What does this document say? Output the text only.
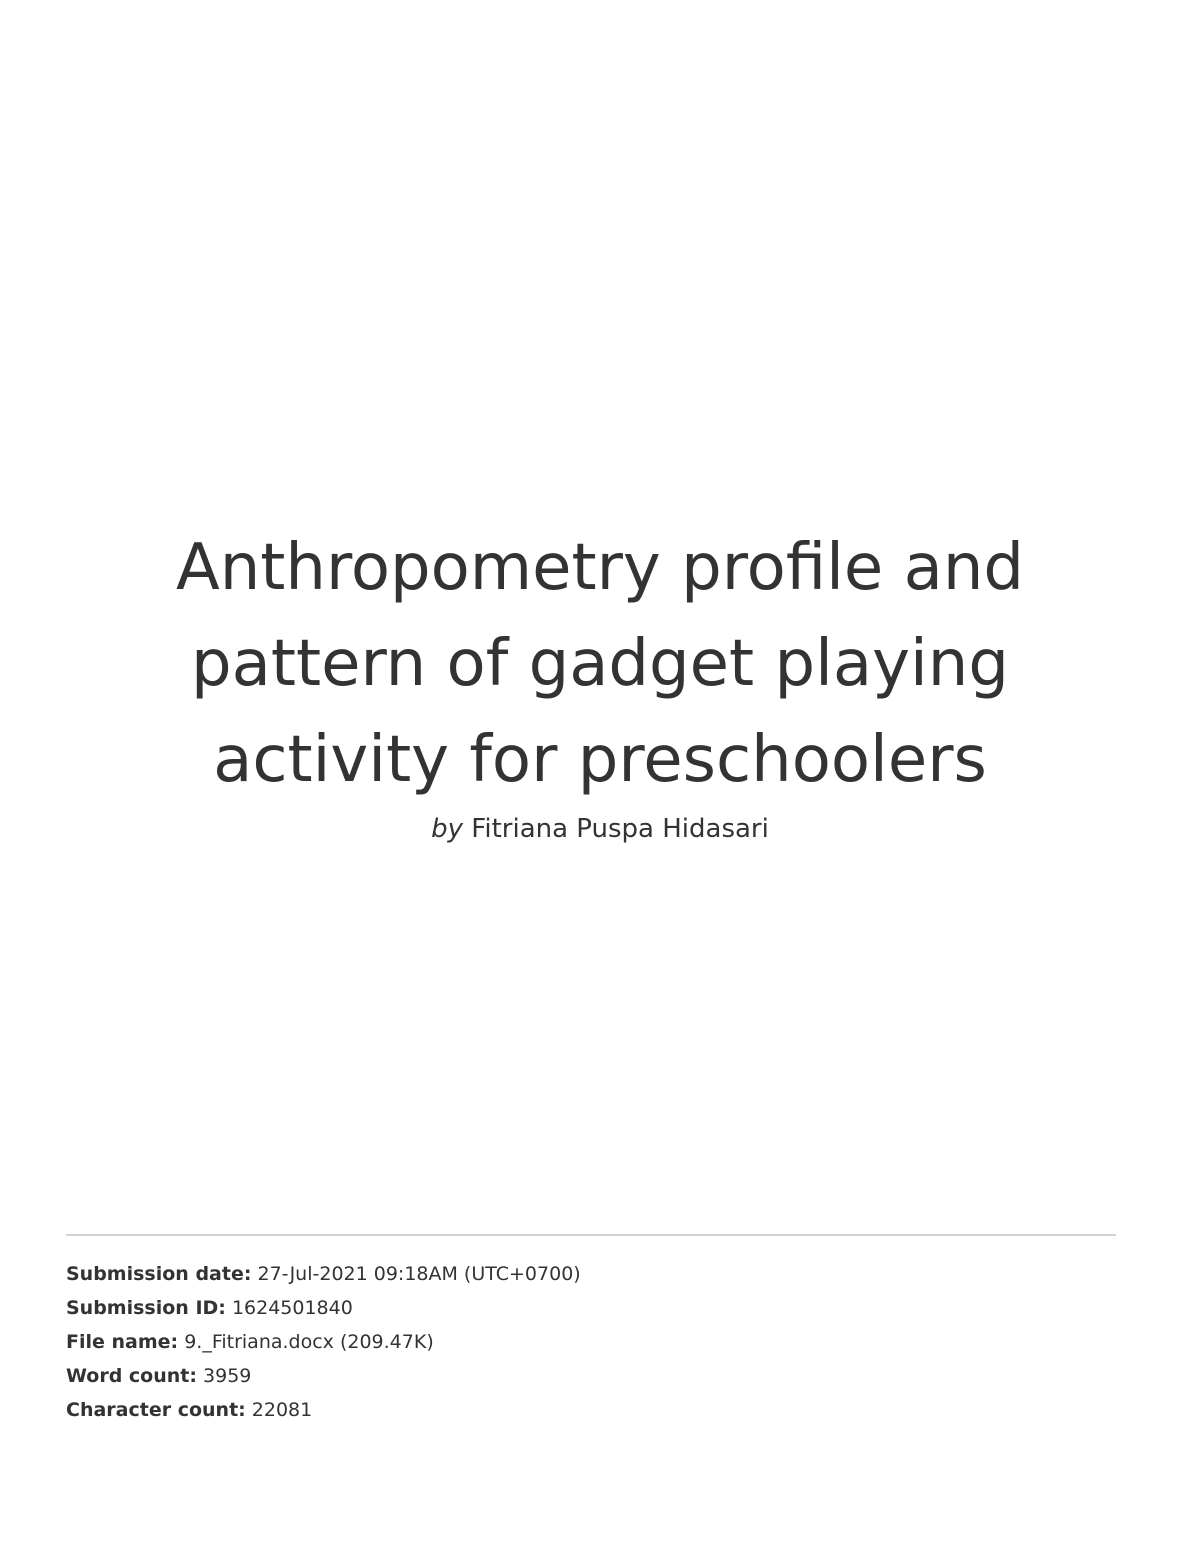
Anthropometry profile and
pattern of gadget playing
activity for preschoolers
by Fitriana Puspa Hidasari
Submission date: 27-Jul-2021 09:18AM (UTC+0700)
Submission ID: 1624501840
File name: 9._Fitriana.docx (209.47K)
Word count: 3959
Character count: 22081
